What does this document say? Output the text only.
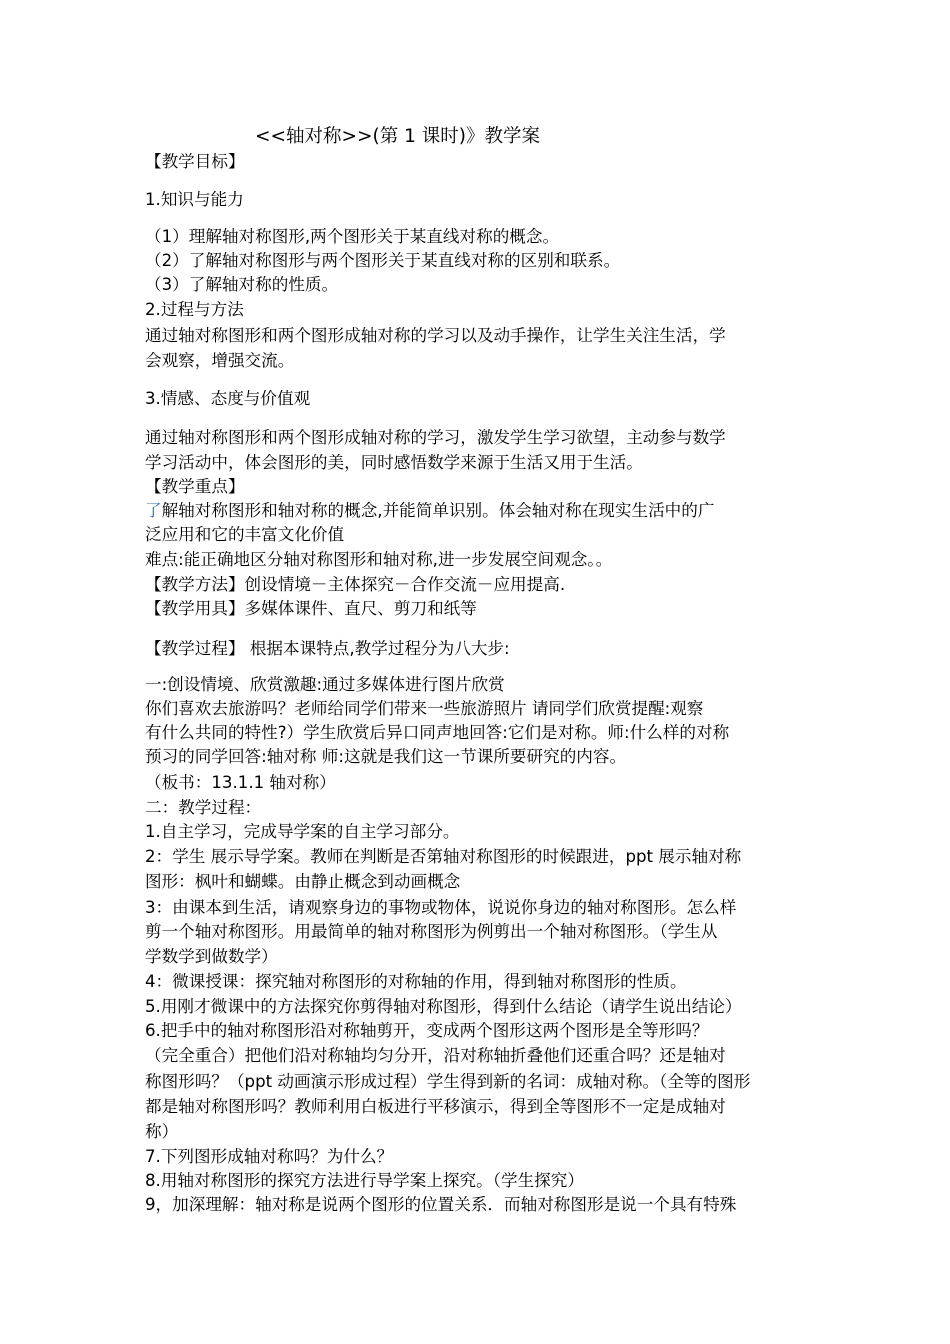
<<轴对称>>(第 1 课时)》教学案
【教学目标】
1.知识与能力
（1）理解轴对称图形,两个图形关于某直线对称的概念。
（2）了解轴对称图形与两个图形关于某直线对称的区别和联系。
（3）了解轴对称的性质。
2.过程与方法
通过轴对称图形和两个图形成轴对称的学习以及动手操作，让学生关注生活，学
会观察，增强交流。
3.情感、态度与价值观
通过轴对称图形和两个图形成轴对称的学习，激发学生学习欲望，主动参与数学
学习活动中，体会图形的美，同时感悟数学来源于生活又用于生活。
【教学重点】
了解轴对称图形和轴对称的概念,并能简单识别。体会轴对称在现实生活中的广
泛应用和它的丰富文化价值
难点:能正确地区分轴对称图形和轴对称,进一步发展空间观念。。
【教学方法】创设情境－主体探究－合作交流－应用提高.
【教学用具】多媒体课件、直尺、剪刀和纸等
【教学过程】 根据本课特点,教学过程分为八大步:
一:创设情境、欣赏激趣:通过多媒体进行图片欣赏
你们喜欢去旅游吗？老师给同学们带来一些旅游照片 请同学们欣赏提醒:观察
有什么共同的特性?）学生欣赏后异口同声地回答:它们是对称。师:什么样的对称
预习的同学回答:轴对称 师:这就是我们这一节课所要研究的内容。
（板书：13.1.1 轴对称）
二：教学过程：
1.自主学习，完成导学案的自主学习部分。
2：学生 展示导学案。教师在判断是否第轴对称图形的时候跟进，ppt 展示轴对称
图形：枫叶和蝴蝶。由静止概念到动画概念
3：由课本到生活，请观察身边的事物或物体，说说你身边的轴对称图形。怎么样
剪一个轴对称图形。用最简单的轴对称图形为例剪出一个轴对称图形。（学生从
学数学到做数学）
4：微课授课：探究轴对称图形的对称轴的作用，得到轴对称图形的性质。
5.用刚才微课中的方法探究你剪得轴对称图形，得到什么结论（请学生说出结论）
6.把手中的轴对称图形沿对称轴剪开，变成两个图形这两个图形是全等形吗？
（完全重合）把他们沿对称轴均匀分开，沿对称轴折叠他们还重合吗？还是轴对
称图形吗？（ppt 动画演示形成过程）学生得到新的名词：成轴对称。（全等的图形
都是轴对称图形吗？教师利用白板进行平移演示，得到全等图形不一定是成轴对
称）
7.下列图形成轴对称吗？为什么？
8.用轴对称图形的探究方法进行导学案上探究。（学生探究）
9，加深理解：轴对称是说两个图形的位置关系．而轴对称图形是说一个具有特殊
